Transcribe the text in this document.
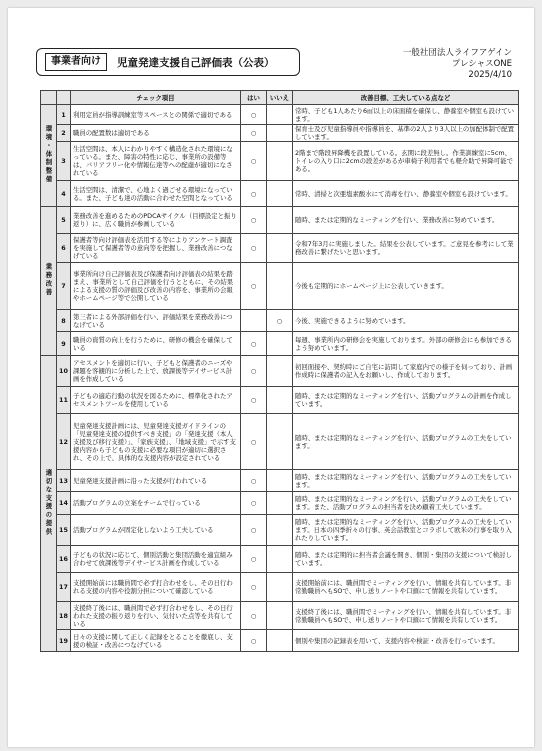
事業者向け	児童発達支援自己評価表（公表）
一般社団法人ライフアゲイン
プレシャスONE
2025/4/10
		チェック項目	はい	いいえ	改善目標、工夫している点など
環境・体制整備	1	利用定員が指導訓練室等スペースとの関係で適切である	○		常時、子ども1人あたり6㎡以上の床面積を確保し、静養室や個室も設けています。
	2	職員の配置数は適切である	○		保育士及び児童指導員や指導員を、基準の2人より3人以上の加配体制で配置しています。
	3	生活空間は、本人にわかりやすく構造化された環境になっている。また、障害の特性に応じ、事業所の設備等は、バリアフリー化や情報伝達等への配慮が適切になされている	○		2階まで階段昇降機を設置している。玄関に段差無し。作業訓練室に5cm、トイレの入り口に2cmの段差があるが車椅子利用者でも軽介助で昇降可能である。
	4	生活空間は、清潔で、心地よく過ごせる環境になっている。また、子ども達の活動に合わせた空間となっている	○		常時、清掃と次亜塩素酸水にて消毒を行い、静養室や個室も設けています。
業務改善	5	業務改善を進めるためのPDCAサイクル（目標設定と振り返り）に、広く職員が参画している	○		随時、または定期的なミーティングを行い、業務改善に努めています。
	6	保護者等向け評価表を活用する等によりアンケート調査を実施して保護者等の意向等を把握し、業務改善につなげている	○		令和7年3月に実施しました。結果を公表しています。ご意見を参考にして業務改善に繋げたいと思います。
	7	事業所向け自己評価表及び保護者向け評価表の結果を踏まえ、事業所として自己評価を行うとともに、その結果による支援の質の評価及び改善の内容を、事業所の会報やホームページ等で公開している	○		今後も定期的にホームページ上に公表していきます。
	8	第三者による外部評価を行い、評価結果を業務改善につなげている		○	今後、実施できるように努めています。
	9	職員の資質の向上を行うために、研修の機会を確保している	○		毎週、事業所内の研修会を実施しております。外部の研修会にも参加できるよう努めています。
適切な支援の提供	10	アセスメントを適切に行い、子どもと保護者のニーズや課題を客観的に分析した上で、放課後等デイサービス計画を作成している	○		初回面接や、契約時にご自宅に訪問して家庭内での様子を伺っており、計画作成時に保護者の記入をお願いし、作成しております。
	11	子どもの適応行動の状況を図るために、標準化されたアセスメントツールを使用している	○		随時、または定期的なミーティングを行い、活動プログラムの計画を作成しています。
	12	児童発達支援計画には、児童発達支援ガイドラインの「児童発達支援の提供すべき支援」の「発達支援（本人支援及び移行支援）」、「家族支援」、「地域支援」で示す支援内容から子どもの支援に必要な項目が適切に選択され、その上で、具体的な支援内容が設定されている	○		随時、または定期的なミーティングを行い、活動プログラムの工夫をしています。
	13	児童発達支援計画に沿った支援が行われている	○		随時、または定期的なミーティングを行い、活動プログラムの工夫をしています。
	14	活動プログラムの立案をチームで行っている	○		随時、または定期的なミーティングを行い、活動プログラムの工夫をしています。また、活動プログラムの担当者を決め顧着工夫しています。
	15	活動プログラムが固定化しないよう工夫している	○		随時、または定期的なミーティングを行い、活動プログラムの工夫をしています。日本の四季折々の行事、英会話教室とコラボして欧米の行事を取り入れたりしています。
	16	子どもの状況に応じて、個別活動と集団活動を適宜組み合わせて放課後等デイサービス計画を作成している	○		随時、または定期的に担当者会議を開き、個別・集団の支援について検討しています。
	17	支援開始前には職員間で必ず打合わせをし、その日行われる支援の内容や役割分担について確認している	○		支援開始前には、職員間でミーティングを行い、情報を共有しています。非常勤職員へもSOで、申し送りノートや口頭にて情報を共有しています。
	18	支援終了後には、職員間で必ず打合わせをし、その日行われた支援の振り返りを行い、気付いた点等を共有している	○		支援終了後には、職員間でミーティングを行い、情報を共有しています。非常勤職員へもSOで、申し送りノートや口頭にて情報を共有しています。
	19	日々の支援に関して正しく記録をとることを徹底し、支援の検証・改善につなげている	○		個別や集団の記録表を用いて、支援内容や検証・改善を行っています。
